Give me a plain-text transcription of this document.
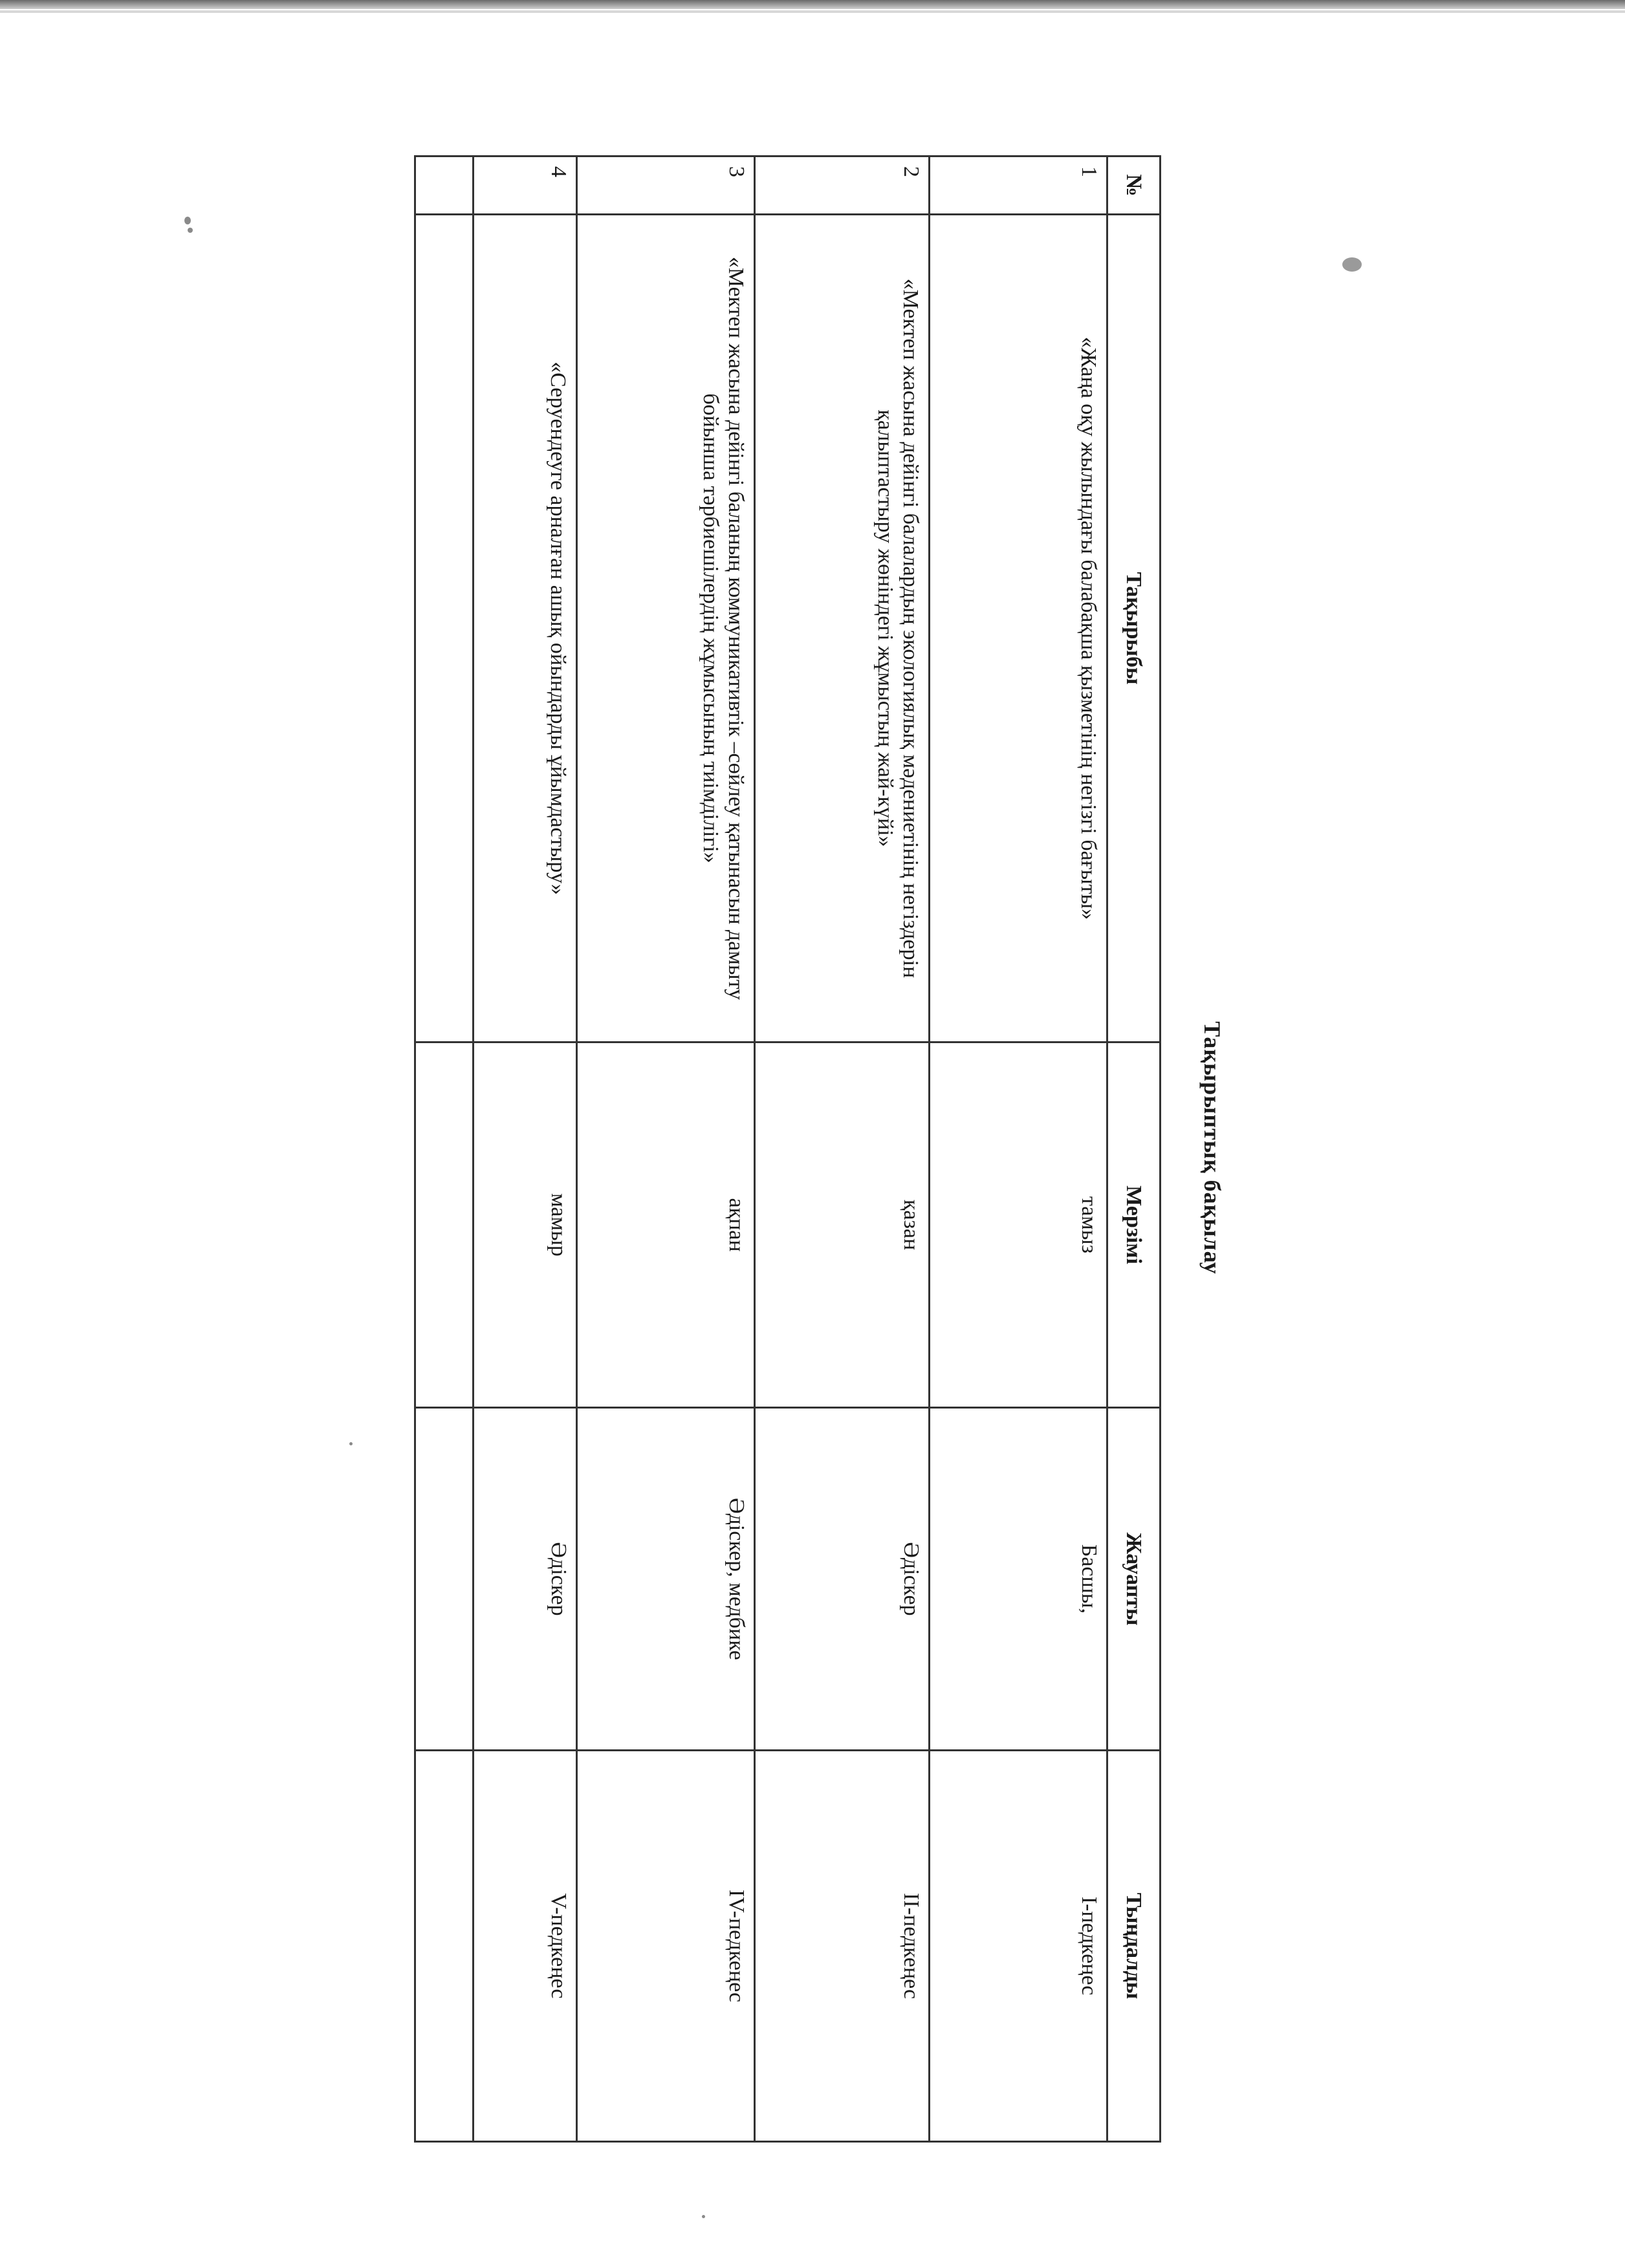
Тақырыптық бақылау
№	Тақырыбы	Мерзімі	Жауапты	Тыңдалды
1	«Жаңа оқу жылындағы балабақша қызметінің негізгі бағыты»	тамыз	Басшы,	І-педкеңес
2	«Мектеп жасына дейінгі балалардың экологиялық мәдениетінің негіздерін қалыптастыру жөніндегі жұмыстың жай-күйі»	қазан	Әдіскер	ІІ-педкеңес
3	«Мектеп жасына дейінгі баланың коммуникативтік –сөйлеу қатынасын дамыту бойынша тәрбиешілердің жұмысының тиімділігі»	ақпан	Әдіскер, медбике	ІV-педкеңес
4	«Серуендеуге арналған ашық ойындарды ұйымдастыру»	мамыр	Әдіскер	V-педкеңес
